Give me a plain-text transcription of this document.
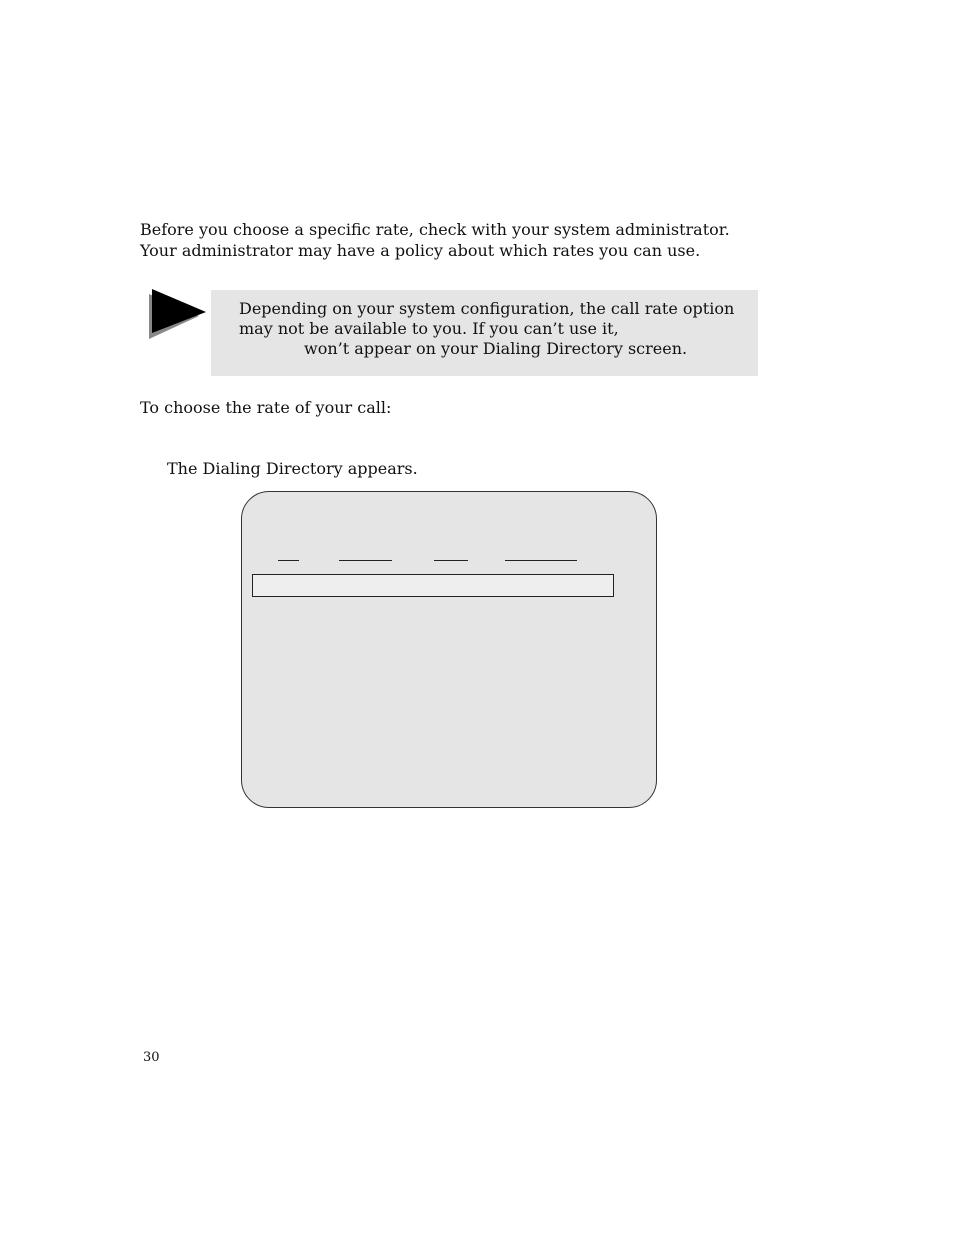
Before you choose a specific rate, check with your system administrator. Your administrator may have a policy about which rates you can use.

Depending on your system configuration, the call rate option
may not be available to you. If you can’t use it,
won’t appear on your Dialing Directory screen.

To choose the rate of your call:

The Dialing Directory appears.

30
